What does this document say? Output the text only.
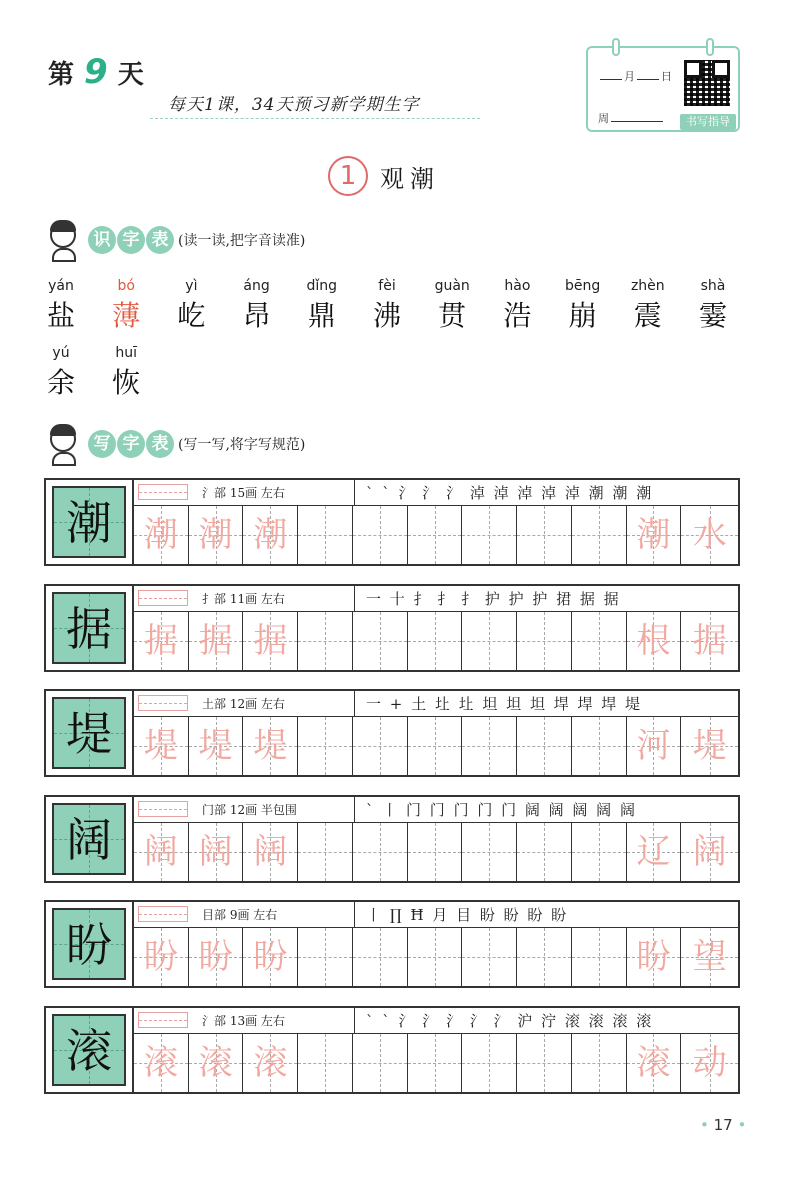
第 9 天
每天1课，34天预习新学期生字
月 日
周	书写指导
1 观潮
识 字 表 (读一读,把字音读准)
yán
盐
bó
薄
yì
屹
áng
昂
dǐng
鼎
fèi
沸
guàn
贯
hào
浩
bēng
崩
zhèn
震
shà
霎
yú
余
huī
恢
写 字 表 (写一写,将字写规范)
潮
氵部 15画 左右	` ` 氵 氵 氵 淖 淖 淖 淖 淖 潮 潮 潮
潮 潮 潮	潮 水
据
扌部 11画 左右	一 十 扌 扌 扌 护 护 护 捃 据 据
据 据 据	根 据
堤
土部 12画 左右	一 + 土 圵 圵 坦 坦 坦 垾 垾 垾 堤
堤 堤 堤	河 堤
阔
门部 12画 半包围	` 丨 门 门 门 门 门 阔 阔 阔 阔 阔
阔 阔 阔	辽 阔
盼
目部 9画 左右	丨 ∏ Ħ 月 目 盼 盼 盼 盼
盼 盼 盼	盼 望
滚
氵部 13画 左右	` ` 氵 氵 氵 氵 氵 沪 泞 滚 滚 滚 滚
滚 滚 滚	滚 动
• 17 •
